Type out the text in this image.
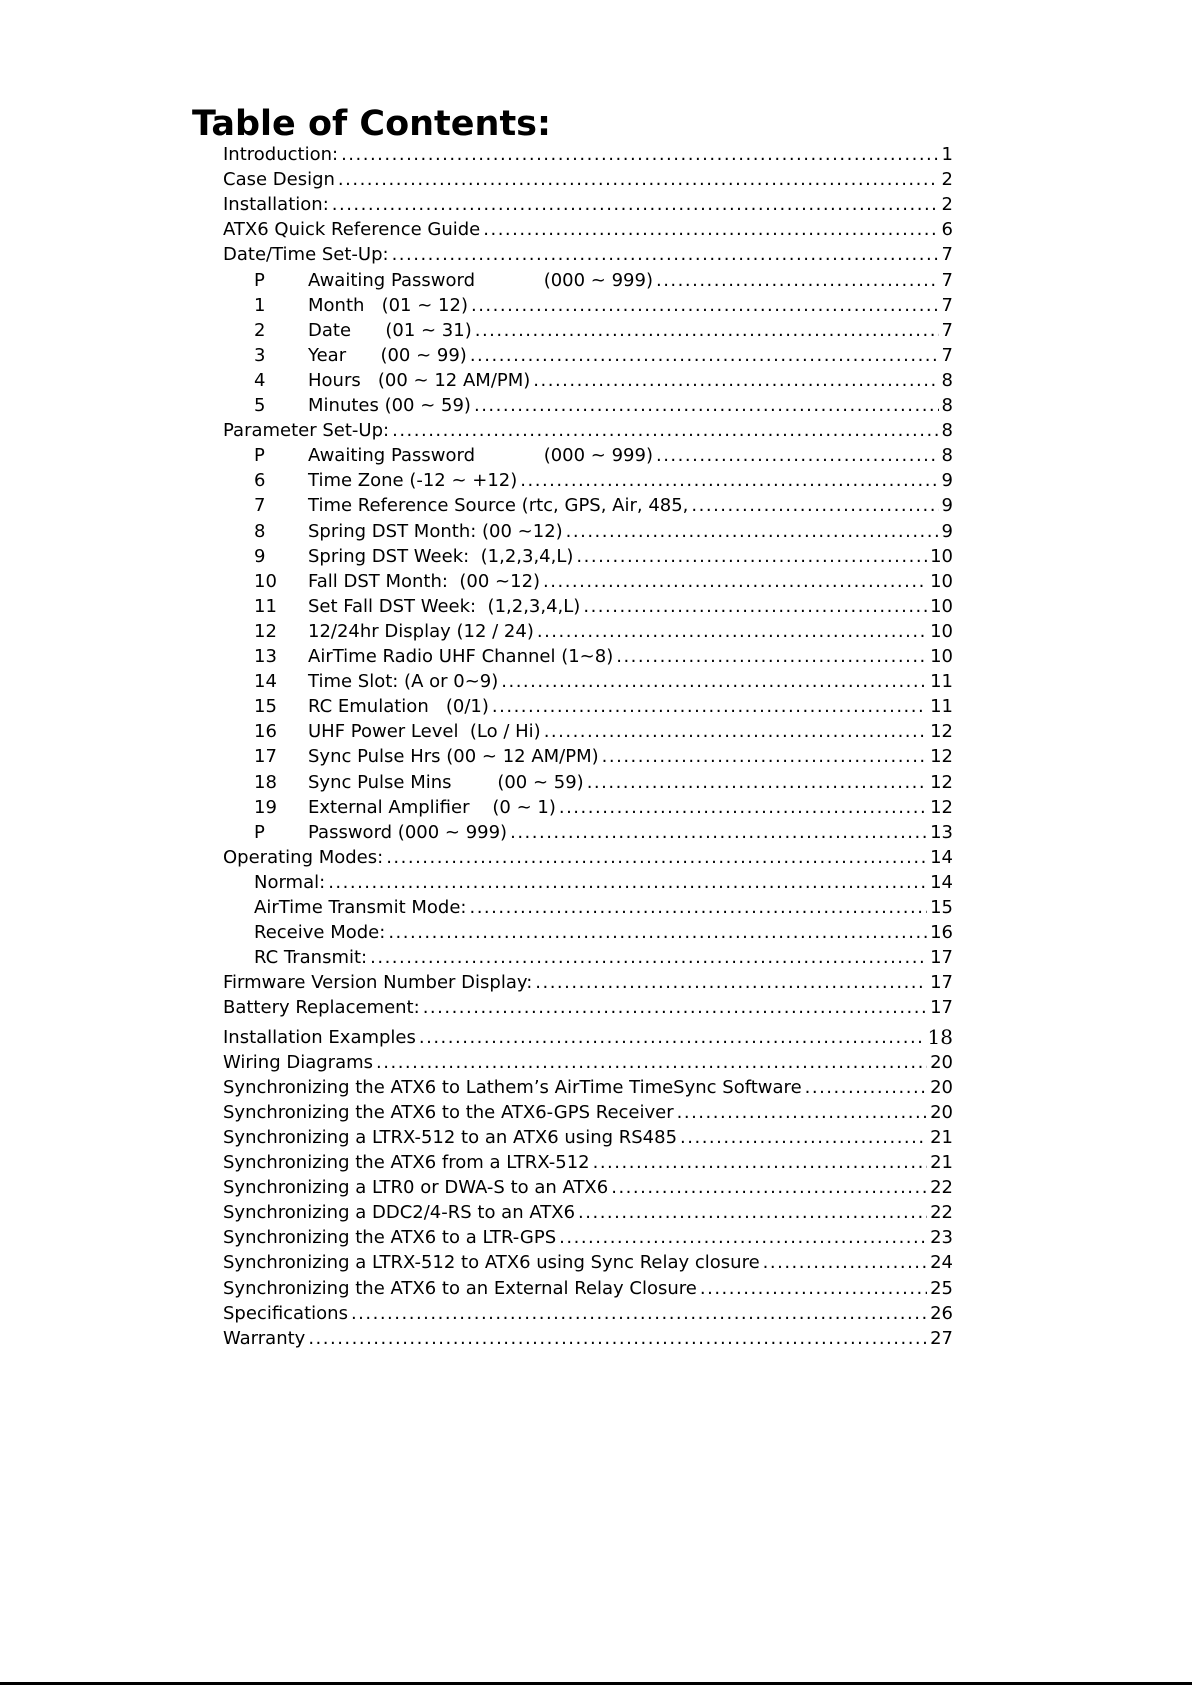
Table of Contents:
Introduction: .....	1
Case Design .....	2
Installation: .....	2
ATX6 Quick Reference Guide .....	6
Date/Time Set-Up: .....	7
P	Awaiting Password            (000 ~ 999) .....	7
1	Month   (01 ~ 12) .....	7
2	Date      (01 ~ 31) .....	7
3	Year      (00 ~ 99) .....	7
4	Hours   (00 ~ 12 AM/PM) .....	8
5	Minutes (00 ~ 59) .....	8
Parameter Set-Up: .....	8
P	Awaiting Password            (000 ~ 999) .....	8
6	Time Zone (-12 ~ +12) .....	9
7	Time Reference Source (rtc, GPS, Air, 485, .....	9
8	Spring DST Month: (00 ~12) .....	9
9	Spring DST Week:  (1,2,3,4,L) .....	10
10	Fall DST Month:  (00 ~12) .....	10
11	Set Fall DST Week:  (1,2,3,4,L) .....	10
12	12/24hr Display (12 / 24) .....	10
13	AirTime Radio UHF Channel (1~8) .....	10
14	Time Slot: (A or 0~9) .....	11
15	RC Emulation   (0/1) .....	11
16	UHF Power Level  (Lo / Hi) .....	12
17	Sync Pulse Hrs (00 ~ 12 AM/PM) .....	12
18	Sync Pulse Mins        (00 ~ 59) .....	12
19	External Amplifier    (0 ~ 1) .....	12
P	Password (000 ~ 999) .....	13
Operating Modes: .....	14
Normal: .....	14
AirTime Transmit Mode: .....	15
Receive Mode: .....	16
RC Transmit: .....	17
Firmware Version Number Display: .....	17
Battery Replacement: .....	17
Installation Examples .....	18
Wiring Diagrams .....	20
Synchronizing the ATX6 to Lathem’s AirTime TimeSync Software .....	20
Synchronizing the ATX6 to the ATX6-GPS Receiver .....	20
Synchronizing a LTRX-512 to an ATX6 using RS485 .....	21
Synchronizing the ATX6 from a LTRX-512 .....	21
Synchronizing a LTR0 or DWA-S to an ATX6 .....	22
Synchronizing a DDC2/4-RS to an ATX6 .....	22
Synchronizing the ATX6 to a LTR-GPS .....	23
Synchronizing a LTRX-512 to ATX6 using Sync Relay closure .....	24
Synchronizing the ATX6 to an External Relay Closure .....	25
Specifications .....	26
Warranty .....	27
